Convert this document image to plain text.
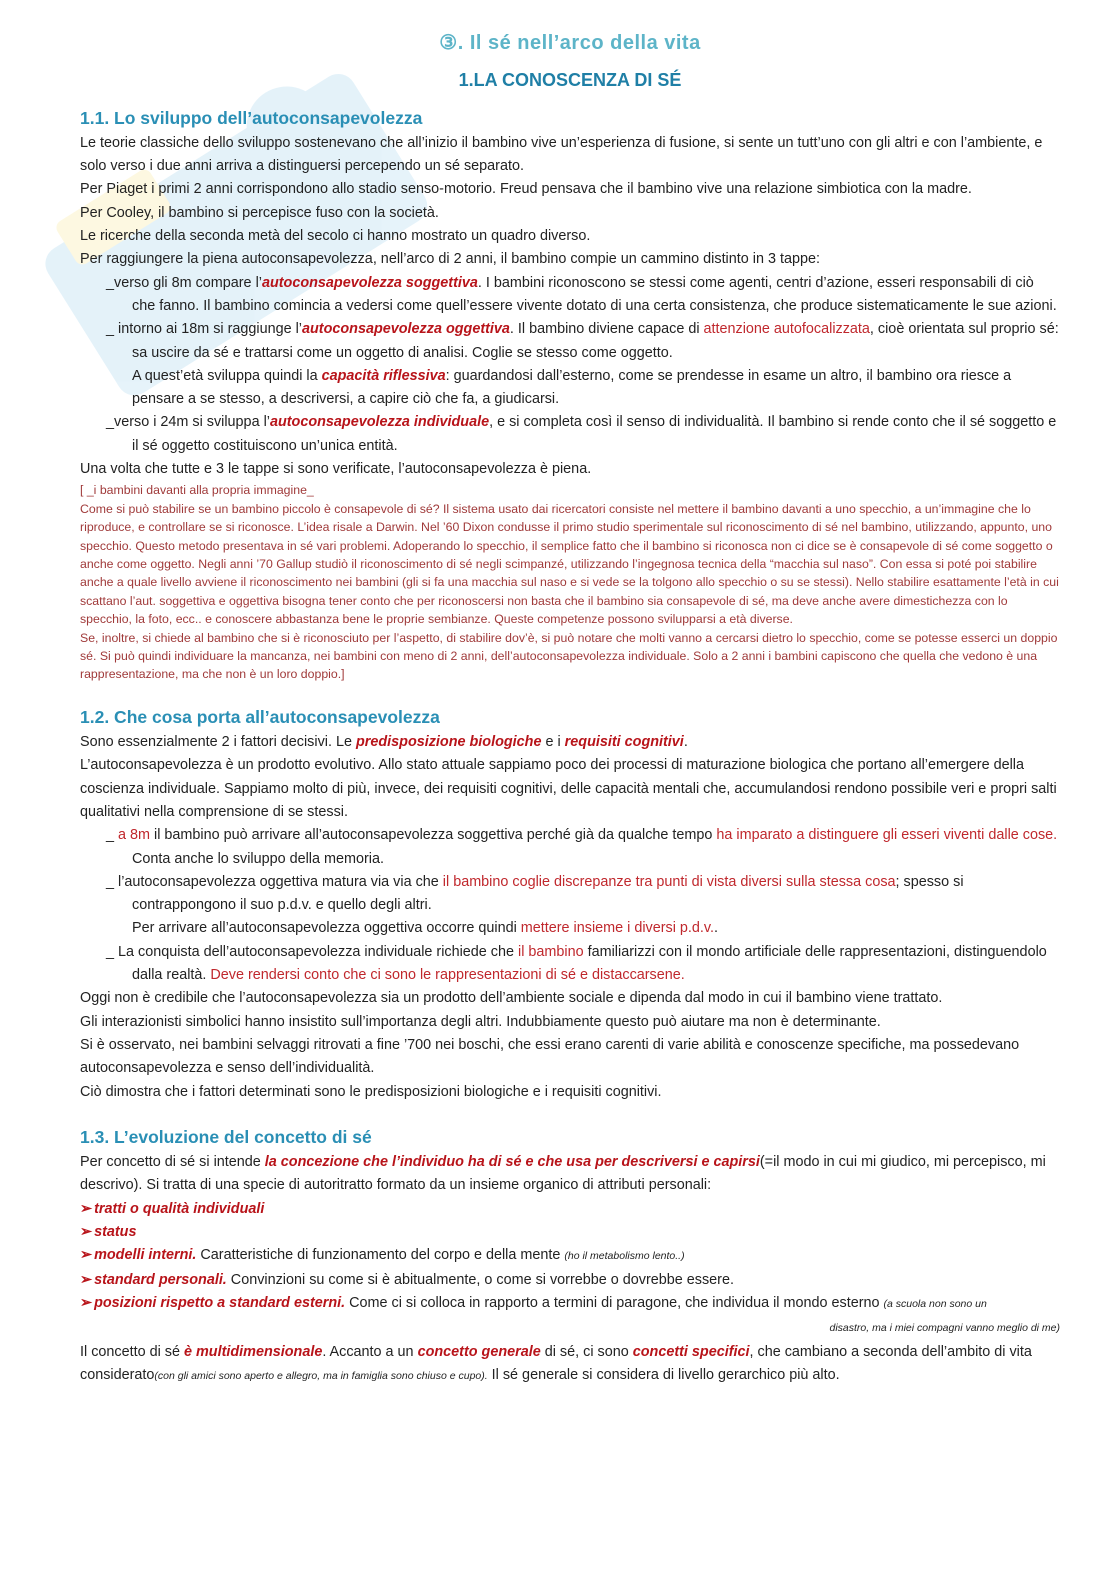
③. Il sé nell’arco della vita
1.LA CONOSCENZA DI SÉ
1.1. Lo sviluppo dell’autoconsapevolezza

Le teorie classiche dello sviluppo sostenevano che all’inizio il bambino vive un’esperienza di fusione, si sente un tutt’uno con gli altri e con l’ambiente, e solo verso i due anni arriva a distinguersi percependo un sé separato.

Per Piaget i primi 2 anni corrispondono allo stadio senso-motorio. Freud pensava che il bambino vive una relazione simbiotica con la madre.

Per Cooley, il bambino si percepisce fuso con la società.

Le ricerche della seconda metà del secolo ci hanno mostrato un quadro diverso.

Per raggiungere la piena autoconsapevolezza, nell’arco di 2 anni, il bambino compie un cammino distinto in 3 tappe:

_verso gli 8m compare l’autoconsapevolezza soggettiva. I bambini riconoscono se stessi come agenti, centri d’azione, esseri responsabili di ciò che fanno. Il bambino comincia a vedersi come quell’essere vivente dotato di una certa consistenza, che produce sistematicamente le sue azioni.

_ intorno ai 18m si raggiunge l’autoconsapevolezza oggettiva. Il bambino diviene capace di attenzione autofocalizzata, cioè orientata sul proprio sé: sa uscire da sé e trattarsi come un oggetto di analisi. Coglie se stesso come oggetto.

A quest’età sviluppa quindi la capacità riflessiva: guardandosi dall’esterno, come se prendesse in esame un altro, il bambino ora riesce a pensare a se stesso, a descriversi, a capire ciò che fa, a giudicarsi.

_verso i 24m si sviluppa l’autoconsapevolezza individuale, e si completa così il senso di individualità. Il bambino si rende conto che il sé soggetto e il sé oggetto costituiscono un’unica entità.

Una volta che tutte e 3 le tappe si sono verificate, l’autoconsapevolezza è piena.

[ _i bambini davanti alla propria immagine_

Come si può stabilire se un bambino piccolo è consapevole di sé? Il sistema usato dai ricercatori consiste nel mettere il bambino davanti a uno specchio, a un’immagine che lo riproduce, e controllare se si riconosce. L’idea risale a Darwin. Nel ’60 Dixon condusse il primo studio sperimentale sul riconoscimento di sé nel bambino, utilizzando, appunto, uno specchio. Questo metodo presentava in sé vari problemi. Adoperando lo specchio, il semplice fatto che il bambino si riconosca non ci dice se è consapevole di sé come soggetto o anche come oggetto. Negli anni ’70 Gallup studiò il riconoscimento di sé negli scimpanzé, utilizzando l’ingegnosa tecnica della “macchia sul naso”. Con essa si poté poi stabilire anche a quale livello avviene il riconoscimento nei bambini (gli si fa una macchia sul naso e si vede se la tolgono allo specchio o su se stessi). Nello stabilire esattamente l’età in cui scattano l’aut. soggettiva e oggettiva bisogna tener conto che per riconoscersi non basta che il bambino sia consapevole di sé, ma deve anche avere dimestichezza con lo specchio, la foto, ecc.. e conoscere abbastanza bene le proprie sembianze. Queste competenze possono svilupparsi a età diverse.

Se, inoltre, si chiede al bambino che si è riconosciuto per l’aspetto, di stabilire dov’è, si può notare che molti vanno a cercarsi dietro lo specchio, come se potesse esserci un doppio sé. Si può quindi individuare la mancanza, nei bambini con meno di 2 anni, dell’autoconsapevolezza individuale. Solo a 2 anni i bambini capiscono che quella che vedono è una rappresentazione, ma che non è un loro doppio.]

1.2. Che cosa porta all’autoconsapevolezza

Sono essenzialmente 2 i fattori decisivi. Le predisposizione biologiche e i requisiti cognitivi.

L’autoconsapevolezza è un prodotto evolutivo. Allo stato attuale sappiamo poco dei processi di maturazione biologica che portano all’emergere della coscienza individuale. Sappiamo molto di più, invece, dei requisiti cognitivi, delle capacità mentali che, accumulandosi rendono possibile veri e propri salti qualitativi nella comprensione di se stessi.

_ a 8m il bambino può arrivare all’autoconsapevolezza soggettiva perché già da qualche tempo ha imparato a distinguere gli esseri viventi dalle cose. Conta anche lo sviluppo della memoria.

_ l’autoconsapevolezza oggettiva matura via via che il bambino coglie discrepanze tra punti di vista diversi sulla stessa cosa; spesso si contrappongono il suo p.d.v. e quello degli altri.

Per arrivare all’autoconsapevolezza oggettiva occorre quindi mettere insieme i diversi p.d.v..

_ La conquista dell’autoconsapevolezza individuale richiede che il bambino familiarizzi con il mondo artificiale delle rappresentazioni, distinguendolo dalla realtà. Deve rendersi conto che ci sono le rappresentazioni di sé e distaccarsene.

Oggi non è credibile che l’autoconsapevolezza sia un prodotto dell’ambiente sociale e dipenda dal modo in cui il bambino viene trattato.

Gli interazionisti simbolici hanno insistito sull’importanza degli altri. Indubbiamente questo può aiutare ma non è determinante.

Si è osservato, nei bambini selvaggi ritrovati a fine ’700 nei boschi, che essi erano carenti di varie abilità e conoscenze specifiche, ma possedevano autoconsapevolezza e senso dell’individualità.

Ciò dimostra che i fattori determinati sono le predisposizioni biologiche e i requisiti cognitivi.

1.3. L’evoluzione del concetto di sé

Per concetto di sé si intende la concezione che l’individuo ha di sé e che usa per descriversi e capirsi(=il modo in cui mi giudico, mi percepisco, mi descrivo). Si tratta di una specie di autoritratto formato da un insieme organico di attributi personali:

➢ tratti o qualità individuali

➢ status

➢ modelli interni. Caratteristiche di funzionamento del corpo e della mente (ho il metabolismo lento..)

➢ standard personali. Convinzioni su come si è abitualmente, o come si vorrebbe o dovrebbe essere.

➢ posizioni rispetto a standard esterni. Come ci si colloca in rapporto a termini di paragone, che individua il mondo esterno (a scuola non sono un

disastro, ma i miei compagni vanno meglio di me)

Il concetto di sé è multidimensionale. Accanto a un concetto generale di sé, ci sono concetti specifici, che cambiano a seconda dell’ambito di vita considerato(con gli amici sono aperto e allegro, ma in famiglia sono chiuso e cupo). Il sé generale si considera di livello gerarchico più alto.
